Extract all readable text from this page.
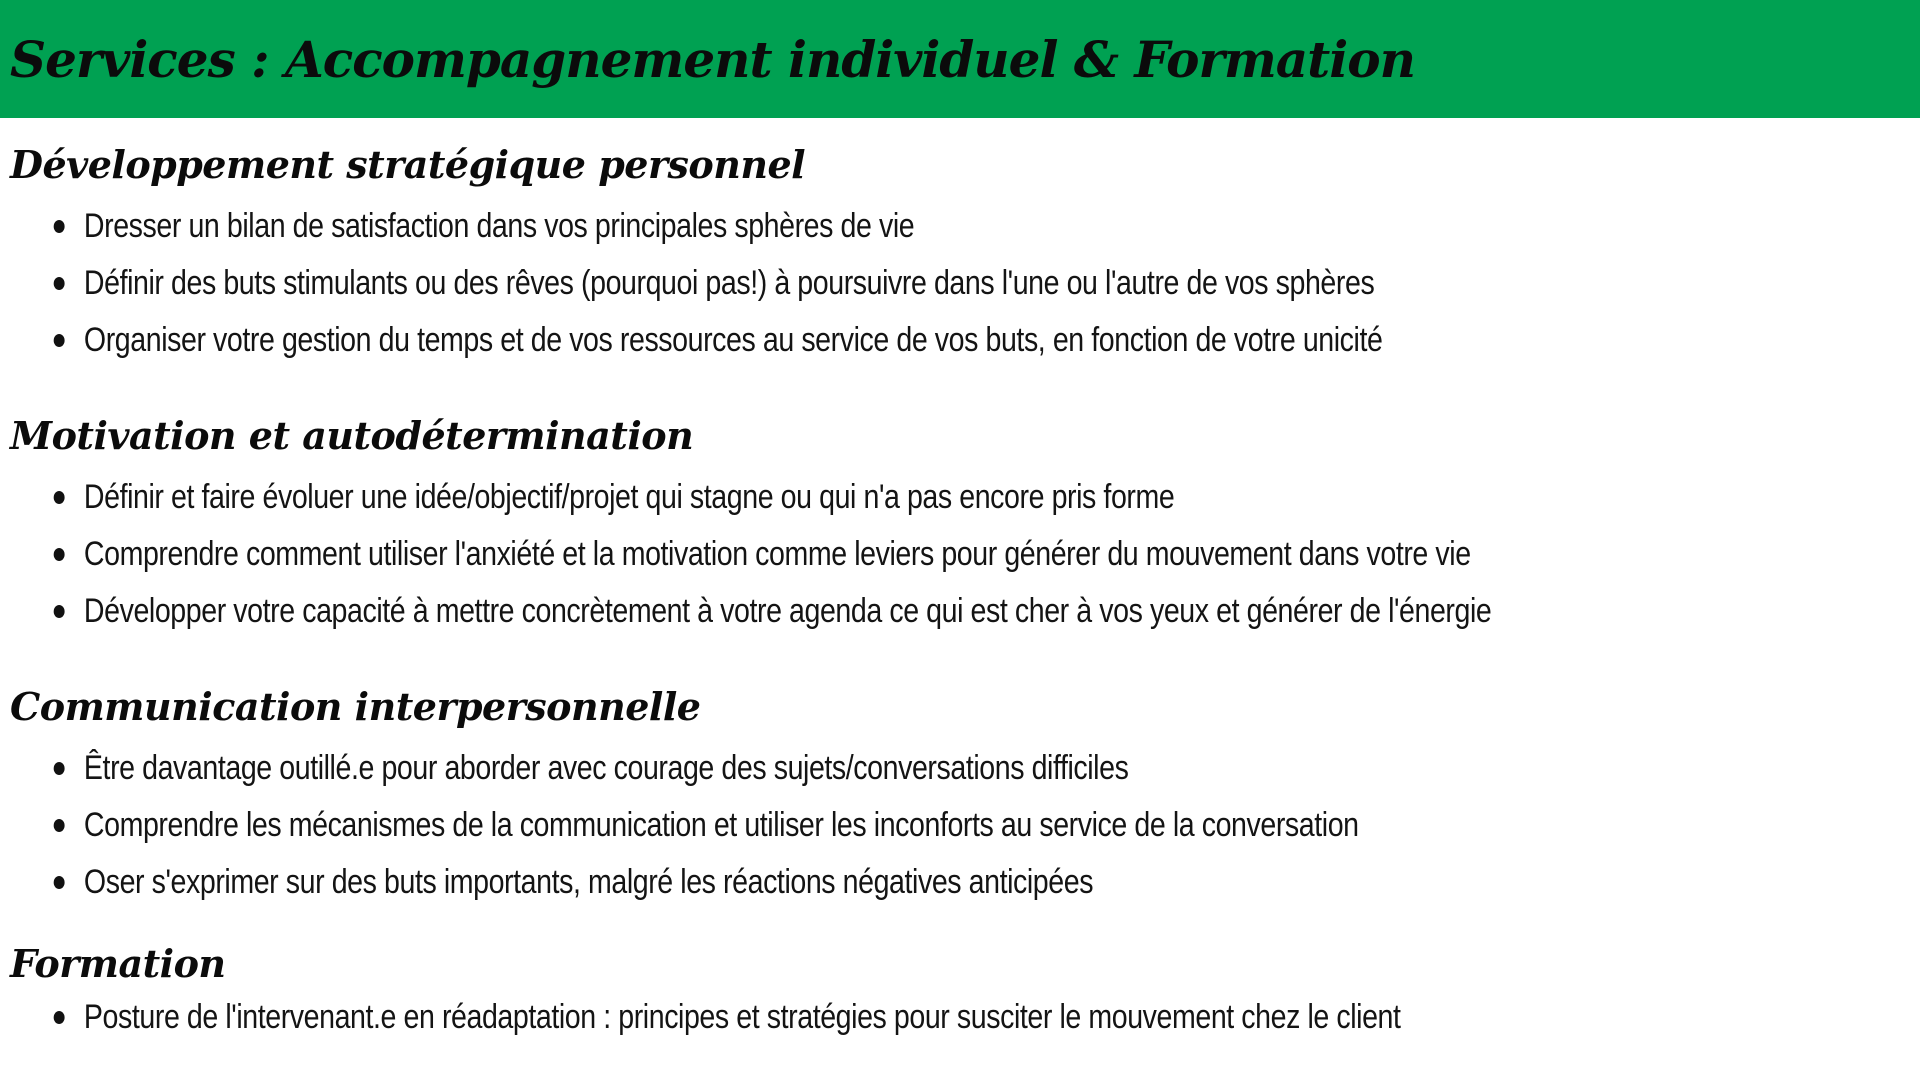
Services : Accompagnement individuel & Formation
Développement stratégique personnel
Dresser un bilan de satisfaction dans vos principales sphères de vie
Définir des buts stimulants ou des rêves (pourquoi pas!) à poursuivre dans l'une ou l'autre de vos sphères
Organiser votre gestion du temps et de vos ressources au service de vos buts, en fonction de votre unicité
Motivation et autodétermination
Définir et faire évoluer une idée/objectif/projet qui stagne ou qui n'a pas encore pris forme
Comprendre comment utiliser l'anxiété et la motivation comme leviers pour générer du mouvement dans votre vie
Développer votre capacité à mettre concrètement à votre agenda ce qui est cher à vos yeux et générer de l'énergie
Communication interpersonnelle
Être davantage outillé.e pour aborder avec courage des sujets/conversations difficiles
Comprendre les mécanismes de la communication et utiliser les inconforts au service de la conversation
Oser s'exprimer sur des buts importants, malgré les réactions négatives anticipées
Formation
Posture de l'intervenant.e en réadaptation : principes et stratégies pour susciter le mouvement chez le client
